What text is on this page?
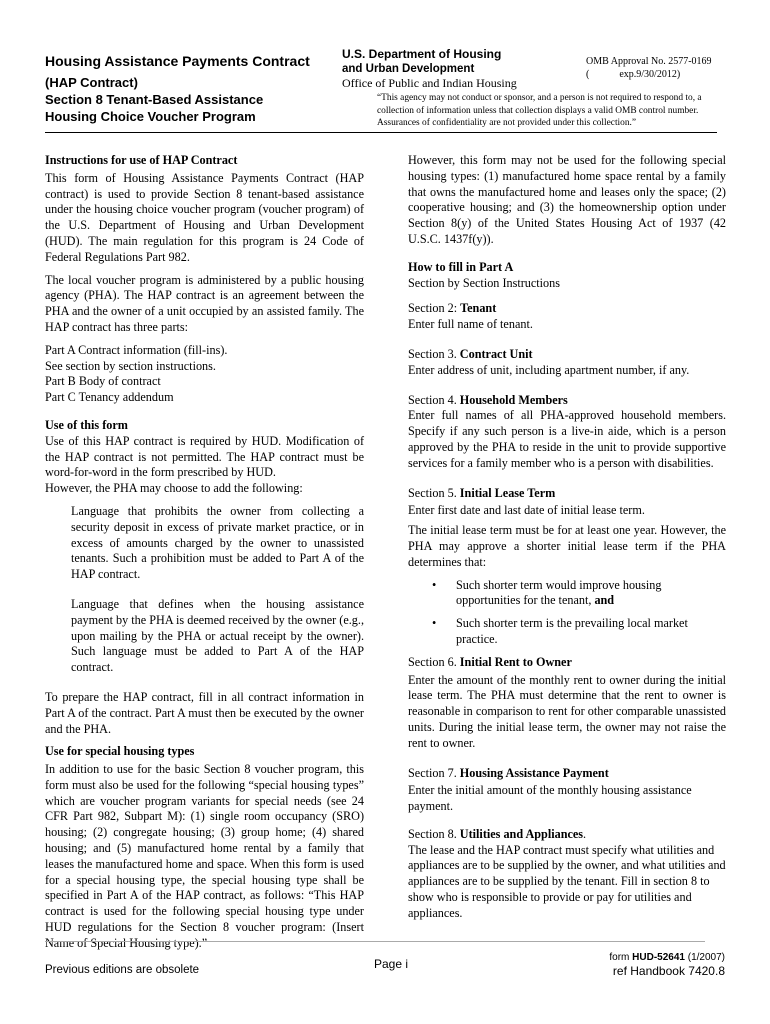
Housing Assistance Payments Contract
(HAP Contract)
Section 8 Tenant-Based Assistance
Housing Choice Voucher Program
U.S. Department of Housing
and Urban Development
Office of Public and Indian Housing
OMB Approval No. 2577-0169
(            exp.9/30/2012)
“This agency may not conduct or sponsor, and a person is not required to respond to, a collection of information unless that collection displays a valid OMB control number. Assurances of confidentiality are not provided under this collection.”

Instructions for use of HAP Contract

This form of Housing Assistance Payments Contract (HAP contract) is used to provide Section 8 tenant-based assistance under the housing choice voucher program (voucher program) of the U.S. Department of Housing and Urban Development (HUD). The main regulation for this program is 24 Code of Federal Regulations Part 982.

The local voucher program is administered by a public housing agency (PHA). The HAP contract is an agreement between the PHA and the owner of a unit occupied by an assisted family. The HAP contract has three parts:

Part A Contract information (fill-ins).
See section by section instructions.
Part B Body of contract
Part C Tenancy addendum

Use of this form

Use of this HAP contract is required by HUD. Modification of the HAP contract is not permitted. The HAP contract must be word-for-word in the form prescribed by HUD.

However, the PHA may choose to add the following:

Language that prohibits the owner from collecting a security deposit in excess of private market practice, or in excess of amounts charged by the owner to unassisted tenants. Such a prohibition must be added to Part A of the HAP contract.

Language that defines when the housing assistance payment by the PHA is deemed received by the owner (e.g., upon mailing by the PHA or actual receipt by the owner). Such language must be added to Part A of the HAP contract.

To prepare the HAP contract, fill in all contract information in Part A of the contract. Part A must then be executed by the owner and the PHA.

Use for special housing types

In addition to use for the basic Section 8 voucher program, this form must also be used for the following “special housing types” which are voucher program variants for special needs (see 24 CFR Part 982, Subpart M): (1) single room occupancy (SRO) housing; (2) congregate housing; (3) group home; (4) shared housing; and (5) manufactured home rental by a family that leases the manufactured home and space. When this form is used for a special housing type, the special housing type shall be specified in Part A of the HAP contract, as follows: “This HAP contract is used for the following special housing type under HUD regulations for the Section 8 voucher program: (Insert Name of Special Housing type).”

However, this form may not be used for the following special housing types: (1) manufactured home space rental by a family that owns the manufactured home and leases only the space; (2) cooperative housing; and (3) the homeownership option under Section 8(y) of the United States Housing Act of 1937 (42 U.S.C. 1437f(y)).

How to fill in Part A

Section by Section Instructions

Section 2: Tenant

Enter full name of tenant.

Section 3. Contract Unit

Enter address of unit, including apartment number, if any.

Section 4. Household Members

Enter full names of all PHA-approved household members. Specify if any such person is a live-in aide, which is a person approved by the PHA to reside in the unit to provide supportive services for a family member who is a person with disabilities.

Section 5. Initial Lease Term

Enter first date and last date of initial lease term.

The initial lease term must be for at least one year. However, the PHA may approve a shorter initial lease term if the PHA determines that:

• Such shorter term would improve housing opportunities for the tenant, and
• Such shorter term is the prevailing local market practice.

Section 6. Initial Rent to Owner

Enter the amount of the monthly rent to owner during the initial lease term. The PHA must determine that the rent to owner is reasonable in comparison to rent for other comparable unassisted units. During the initial lease term, the owner may not raise the rent to owner.

Section 7. Housing Assistance Payment

Enter the initial amount of the monthly housing assistance payment.

Section 8. Utilities and Appliances.

The lease and the HAP contract must specify what utilities and appliances are to be supplied by the owner, and what utilities and appliances are to be supplied by the tenant. Fill in section 8 to show who is responsible to provide or pay for utilities and appliances.

Previous editions are obsolete	Page i	form HUD-52641 (1/2007)
ref Handbook 7420.8
